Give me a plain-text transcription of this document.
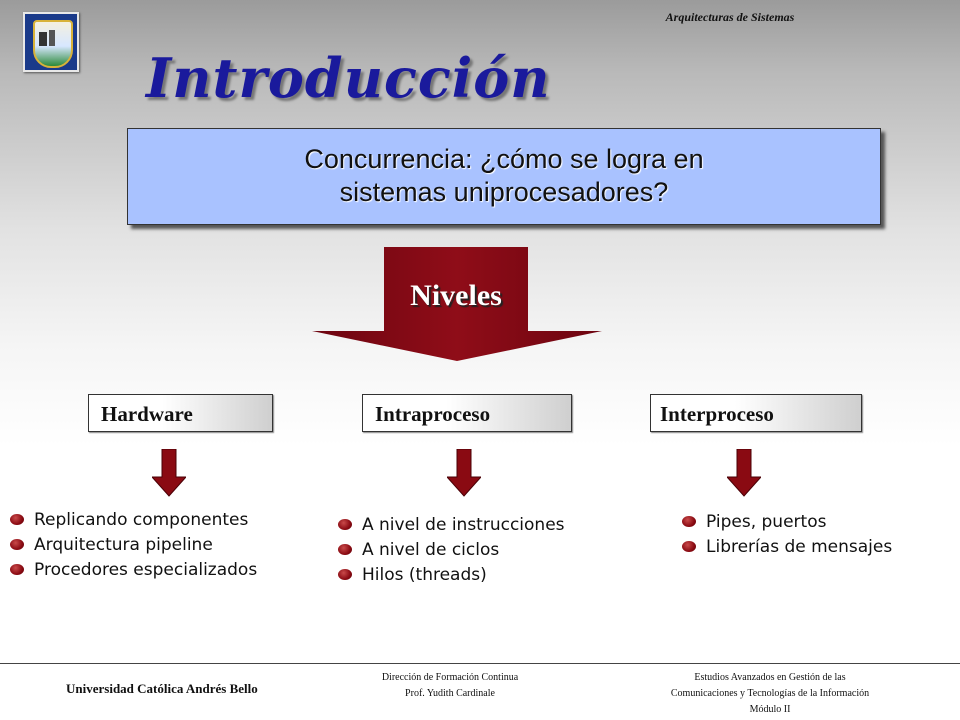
Arquitecturas de Sistemas
Introducción
Concurrencia: ¿cómo se logra en
sistemas uniprocesadores?
Niveles
Hardware	Intraproceso	Interproceso
Replicando componentes
Arquitectura pipeline
Procedores especializados
A nivel de instrucciones
A nivel de ciclos
Hilos (threads)
Pipes, puertos
Librerías de mensajes
Universidad Católica Andrés Bello
Dirección de Formación Continua
Prof. Yudith Cardinale
Estudios Avanzados en Gestión de las
Comunicaciones y Tecnologías de la Información
Módulo II
